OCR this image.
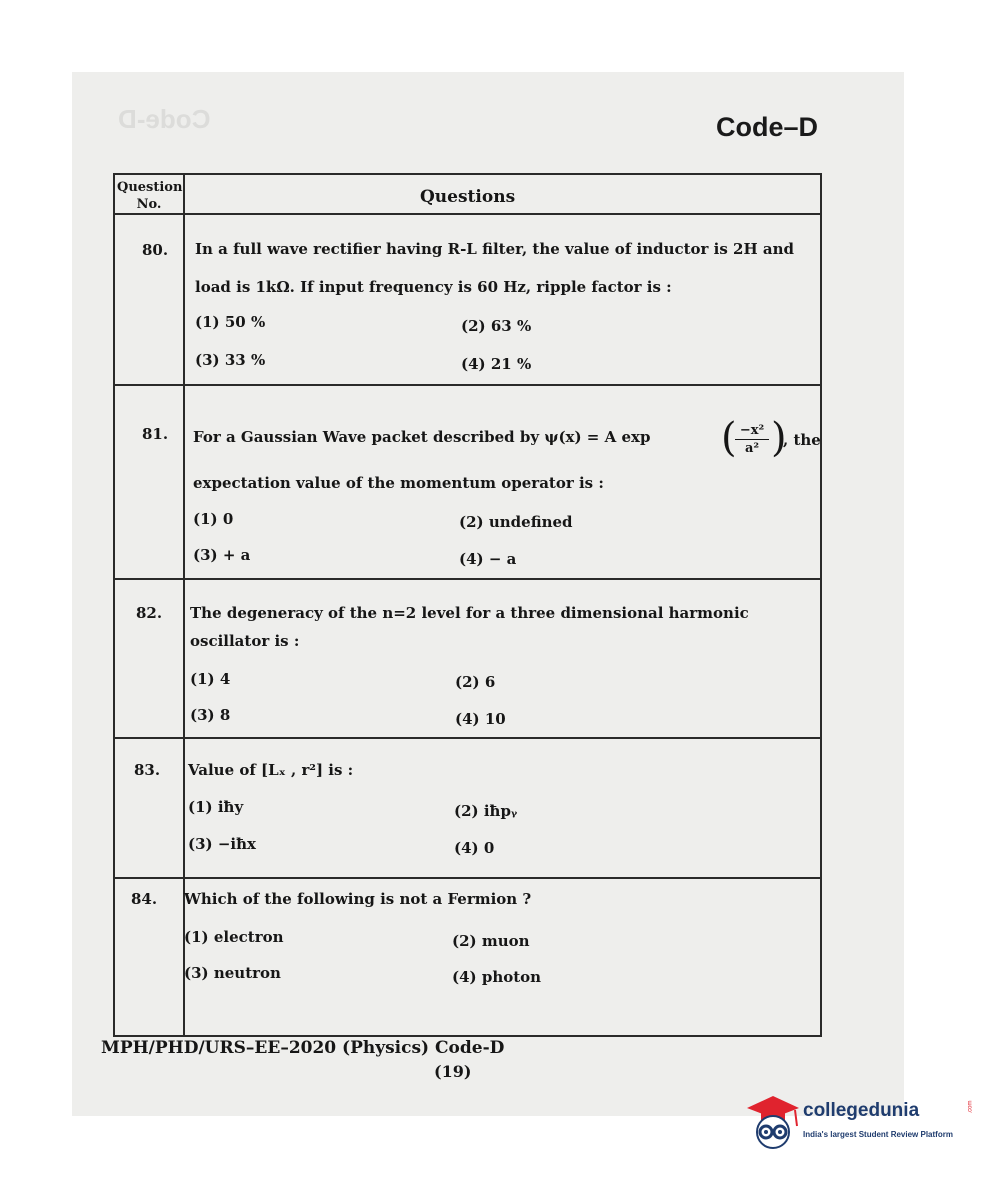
Code-D	Code–D
Question No.	Questions
80. In a full wave rectifier having R-L filter, the value of inductor is 2H and
load is 1kΩ. If input frequency is 60 Hz, ripple factor is :
(1) 50 %	(2) 63 %
(3) 33 %	(4) 21 %
81. For a Gaussian Wave packet described by ψ(x) = A exp ( −x²
a² )
, the
expectation value of the momentum operator is :
(1) 0	(2) undefined
(3) + a	(4) − a
82. The degeneracy of the n=2 level for a three dimensional harmonic
oscillator is :
(1) 4	(2) 6
(3) 8	(4) 10
83. Value of [Lₓ , r²] is :
(1) iħy	(2) iħpᵧ
(3) −iħx	(4) 0
84. Which of the following is not a Fermion ?
(1) electron	(2) muon
(3) neutron	(4) photon
MPH/PHD/URS–EE–2020 (Physics) Code-D
(19)
collegedunia
India's largest Student Review Platform
.com
